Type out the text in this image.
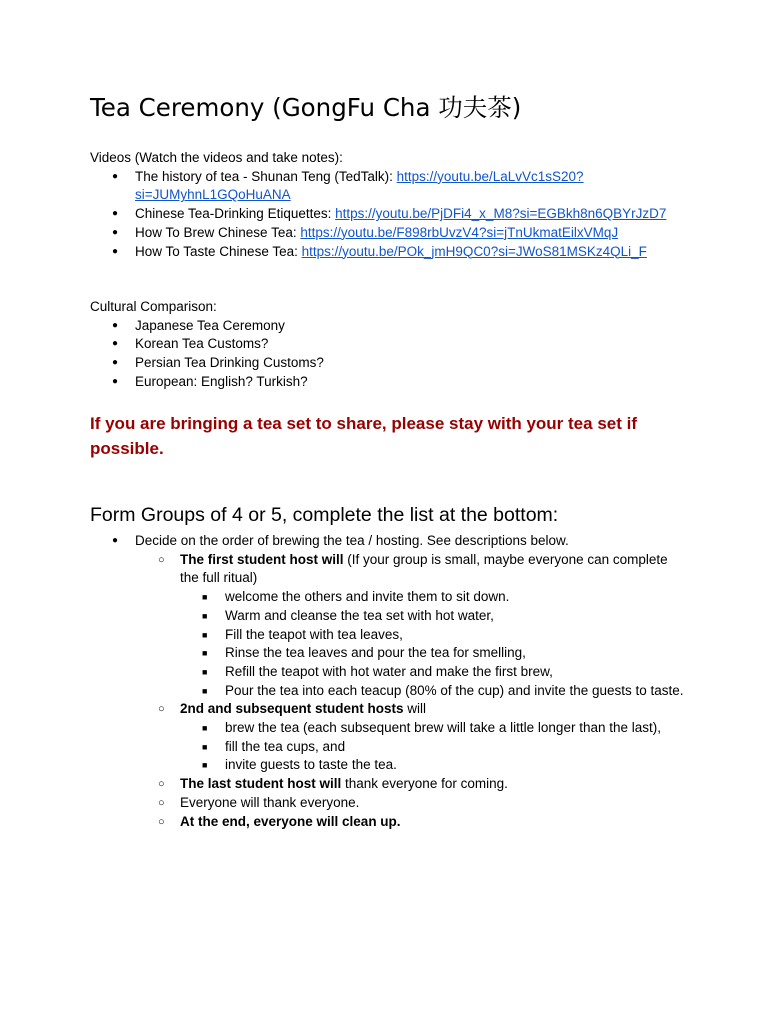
Tea Ceremony (GongFu Cha 功夫茶)

Videos (Watch the videos and take notes):

● The history of tea - Shunan Teng (TedTalk): https://youtu.be/LaLvVc1sS20?si=JUMyhnL1GQoHuANA
● Chinese Tea-Drinking Etiquettes: https://youtu.be/PjDFi4_x_M8?si=EGBkh8n6QBYrJzD7
● How To Brew Chinese Tea: https://youtu.be/F898rbUvzV4?si=jTnUkmatEilxVMqJ
● How To Taste Chinese Tea: https://youtu.be/POk_jmH9QC0?si=JWoS81MSKz4QLi_F

Cultural Comparison:

● Japanese Tea Ceremony
● Korean Tea Customs?
● Persian Tea Drinking Customs?
● European: English? Turkish?

If you are bringing a tea set to share, please stay with your tea set if possible.

Form Groups of 4 or 5, complete the list at the bottom:
● Decide on the order of brewing the tea / hosting. See descriptions below.
○ The first student host will (If your group is small, maybe everyone can complete the full ritual)
■ welcome the others and invite them to sit down.
■ Warm and cleanse the tea set with hot water,
■ Fill the teapot with tea leaves,
■ Rinse the tea leaves and pour the tea for smelling,
■ Refill the teapot with hot water and make the first brew,
■ Pour the tea into each teacup (80% of the cup) and invite the guests to taste.
○ 2nd and subsequent student hosts will
■ brew the tea (each subsequent brew will take a little longer than the last),
■ fill the tea cups, and
■ invite guests to taste the tea.
○ The last student host will thank everyone for coming.
○ Everyone will thank everyone.
○ At the end, everyone will clean up.
